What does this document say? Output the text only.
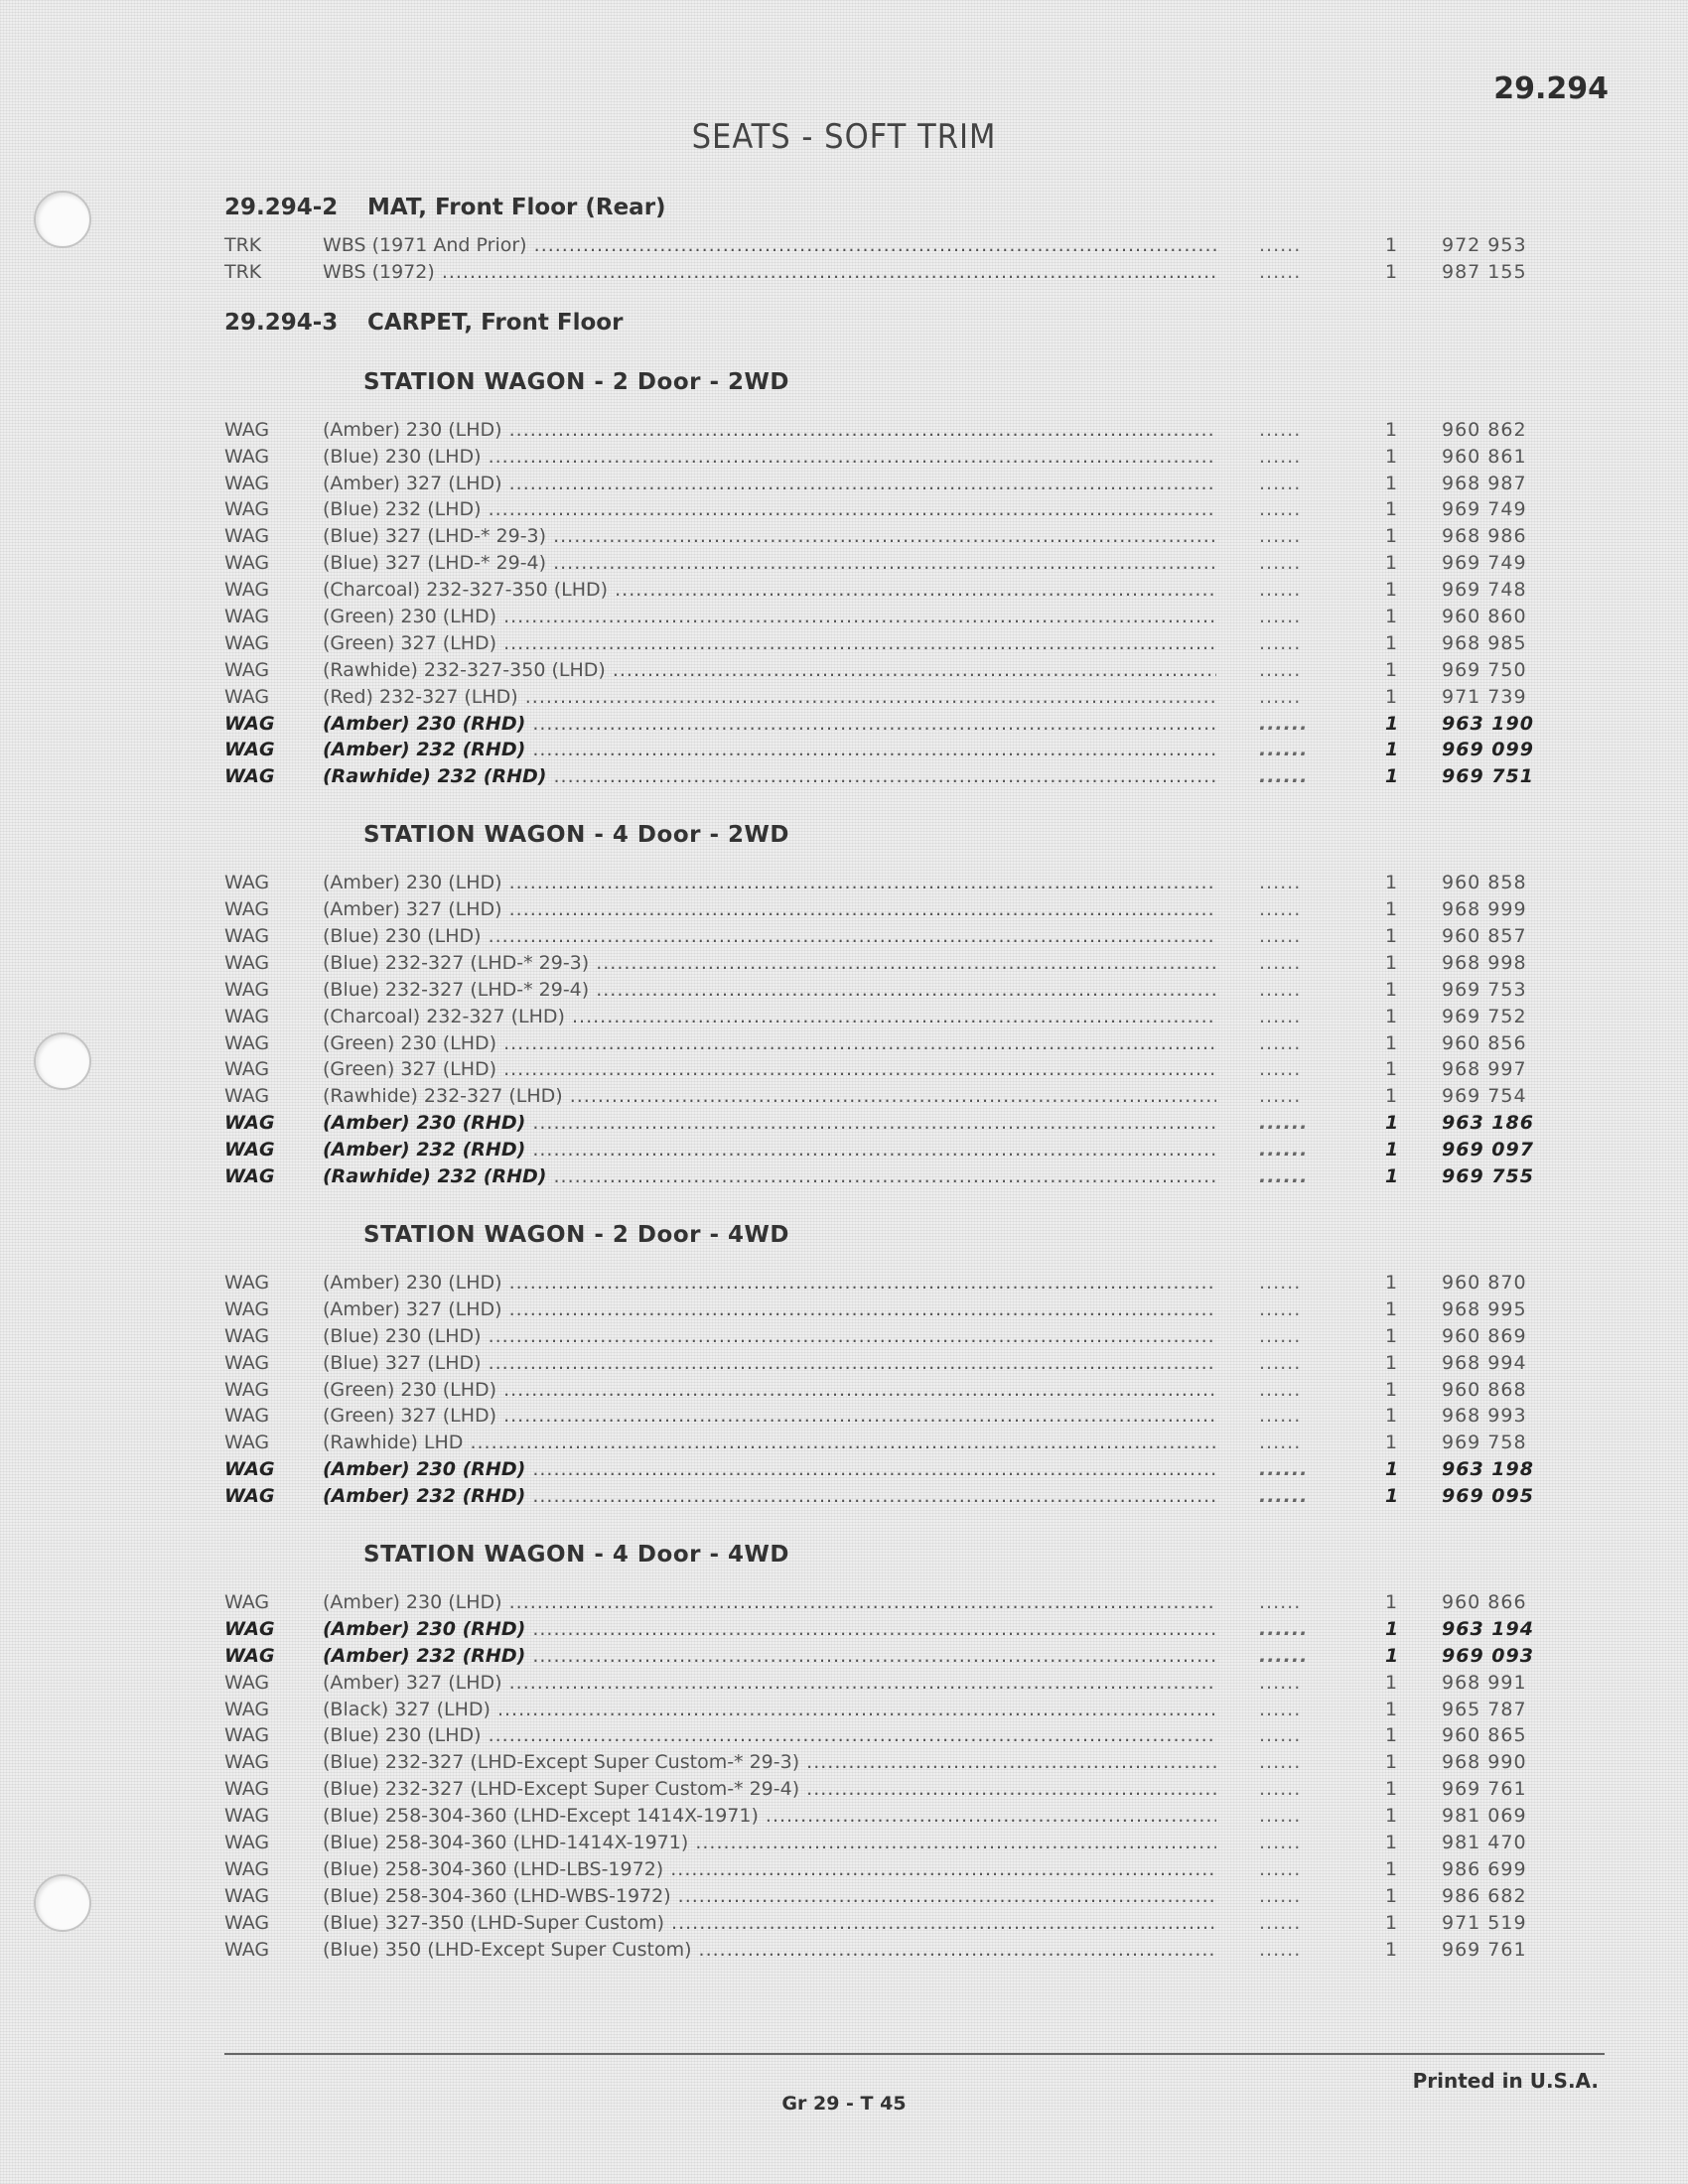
29.294
SEATS - SOFT TRIM
29.294-2 MAT, Front Floor (Rear)
TRK	WBS (1971 And Prior) .....	......	1 972 953
TRK	WBS (1972) .....	......	1 987 155
29.294-3 CARPET, Front Floor
STATION WAGON - 2 Door - 2WD
WAG	(Amber) 230 (LHD) .....	......	1 960 862
WAG	(Blue) 230 (LHD) .....	......	1 960 861
WAG	(Amber) 327 (LHD) .....	......	1 968 987
WAG	(Blue) 232 (LHD) .....	......	1 969 749
WAG	(Blue) 327 (LHD-* 29-3) .....	......	1 968 986
WAG	(Blue) 327 (LHD-* 29-4) .....	......	1 969 749
WAG	(Charcoal) 232-327-350 (LHD) .....	......	1 969 748
WAG	(Green) 230 (LHD) .....	......	1 960 860
WAG	(Green) 327 (LHD) .....	......	1 968 985
WAG	(Rawhide) 232-327-350 (LHD) .....	......	1 969 750
WAG	(Red) 232-327 (LHD) .....	......	1 971 739
WAG	(Amber) 230 (RHD) .....	......	1 963 190
WAG	(Amber) 232 (RHD) .....	......	1 969 099
WAG	(Rawhide) 232 (RHD) .....	......	1 969 751
STATION WAGON - 4 Door - 2WD
WAG	(Amber) 230 (LHD) .....	......	1 960 858
WAG	(Amber) 327 (LHD) .....	......	1 968 999
WAG	(Blue) 230 (LHD) .....	......	1 960 857
WAG	(Blue) 232-327 (LHD-* 29-3) .....	......	1 968 998
WAG	(Blue) 232-327 (LHD-* 29-4) .....	......	1 969 753
WAG	(Charcoal) 232-327 (LHD) .....	......	1 969 752
WAG	(Green) 230 (LHD) .....	......	1 960 856
WAG	(Green) 327 (LHD) .....	......	1 968 997
WAG	(Rawhide) 232-327 (LHD) .....	......	1 969 754
WAG	(Amber) 230 (RHD) .....	......	1 963 186
WAG	(Amber) 232 (RHD) .....	......	1 969 097
WAG	(Rawhide) 232 (RHD) .....	......	1 969 755
STATION WAGON - 2 Door - 4WD
WAG	(Amber) 230 (LHD) .....	......	1 960 870
WAG	(Amber) 327 (LHD) .....	......	1 968 995
WAG	(Blue) 230 (LHD) .....	......	1 960 869
WAG	(Blue) 327 (LHD) .....	......	1 968 994
WAG	(Green) 230 (LHD) .....	......	1 960 868
WAG	(Green) 327 (LHD) .....	......	1 968 993
WAG	(Rawhide) LHD .....	......	1 969 758
WAG	(Amber) 230 (RHD) .....	......	1 963 198
WAG	(Amber) 232 (RHD) .....	......	1 969 095
STATION WAGON - 4 Door - 4WD
WAG	(Amber) 230 (LHD) .....	......	1 960 866
WAG	(Amber) 230 (RHD) .....	......	1 963 194
WAG	(Amber) 232 (RHD) .....	......	1 969 093
WAG	(Amber) 327 (LHD) .....	......	1 968 991
WAG	(Black) 327 (LHD) .....	......	1 965 787
WAG	(Blue) 230 (LHD) .....	......	1 960 865
WAG	(Blue) 232-327 (LHD-Except Super Custom-* 29-3) .....	......	1 968 990
WAG	(Blue) 232-327 (LHD-Except Super Custom-* 29-4) .....	......	1 969 761
WAG	(Blue) 258-304-360 (LHD-Except 1414X-1971) .....	......	1 981 069
WAG	(Blue) 258-304-360 (LHD-1414X-1971) .....	......	1 981 470
WAG	(Blue) 258-304-360 (LHD-LBS-1972) .....	......	1 986 699
WAG	(Blue) 258-304-360 (LHD-WBS-1972) .....	......	1 986 682
WAG	(Blue) 327-350 (LHD-Super Custom) .....	......	1 971 519
WAG	(Blue) 350 (LHD-Except Super Custom) .....	......	1 969 761
Printed in U.S.A.
Gr 29 - T 45
